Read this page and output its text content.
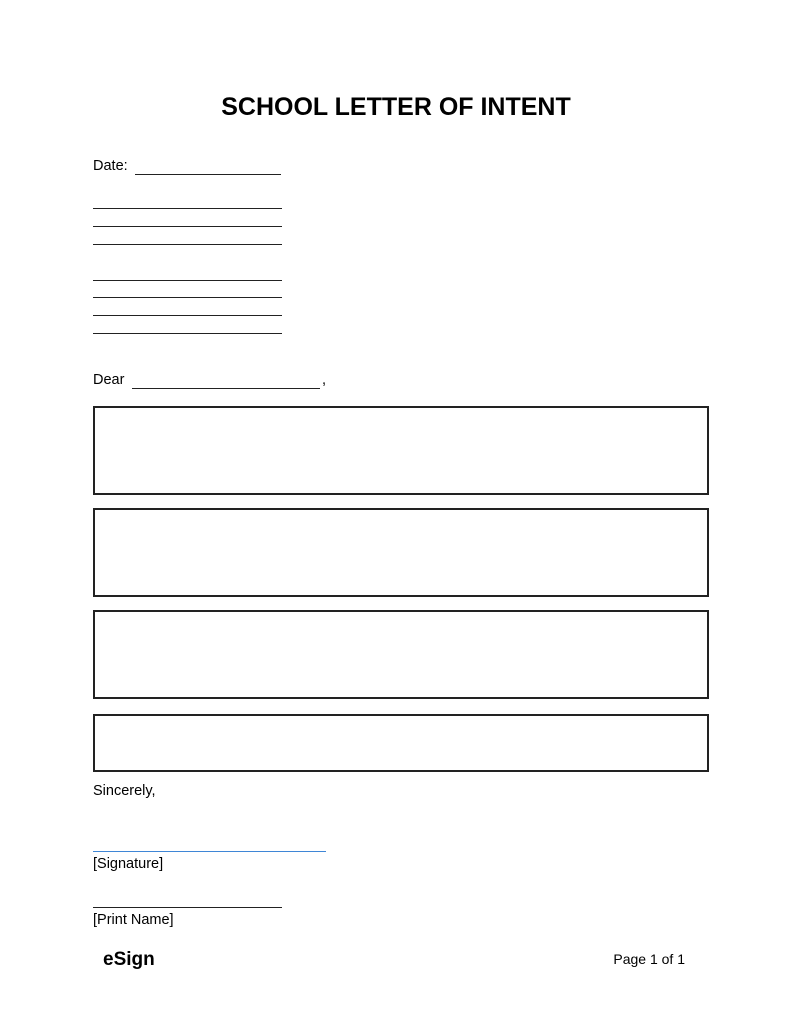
SCHOOL LETTER OF INTENT
Date:
Dear	,
Sincerely,
[Signature]
[Print Name]
eSign	Page 1 of 1
